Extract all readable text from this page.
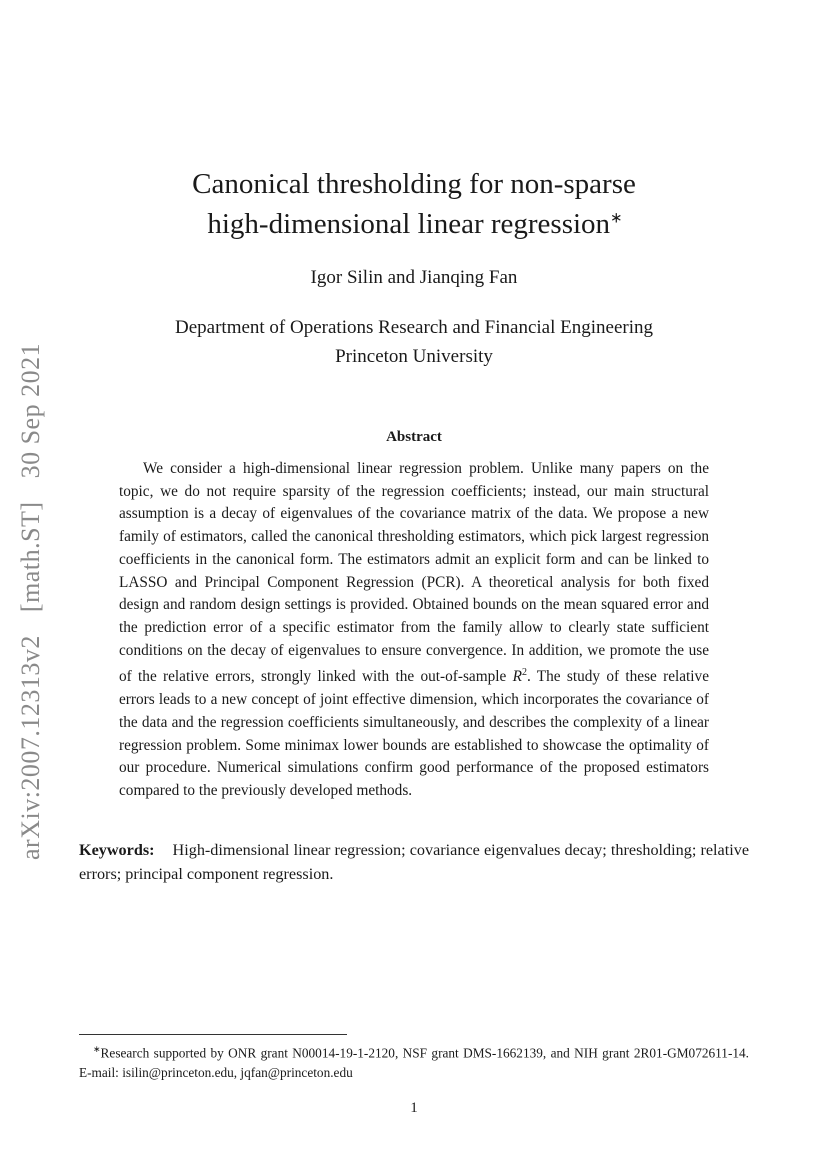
arXiv:2007.12313v2 [math.ST] 30 Sep 2021
Canonical thresholding for non-sparse
high-dimensional linear regression∗
Igor Silin and Jianqing Fan
Department of Operations Research and Financial Engineering
Princeton University
Abstract

We consider a high-dimensional linear regression problem. Unlike many papers on the topic, we do not require sparsity of the regression coefficients; instead, our main structural assumption is a decay of eigenvalues of the covariance matrix of the data. We propose a new family of estimators, called the canonical thresholding estimators, which pick largest regression coefficients in the canonical form. The estimators admit an explicit form and can be linked to LASSO and Principal Component Regression (PCR). A theoretical analysis for both fixed design and random design settings is provided. Obtained bounds on the mean squared error and the prediction error of a specific estimator from the family allow to clearly state sufficient conditions on the decay of eigenvalues to ensure convergence. In addition, we promote the use of the relative errors, strongly linked with the out-of-sample $R^2$. The study of these relative errors leads to a new concept of joint effective dimension, which incorporates the covariance of the data and the regression coefficients simultaneously, and describes the complexity of a linear regression problem. Some minimax lower bounds are established to showcase the optimality of our procedure. Numerical simulations confirm good performance of the proposed estimators compared to the previously developed methods.

Keywords: High-dimensional linear regression; covariance eigenvalues decay; thresholding; relative errors; principal component regression.

∗Research supported by ONR grant N00014-19-1-2120, NSF grant DMS-1662139, and NIH grant 2R01-GM072611-14. E-mail: isilin@princeton.edu, jqfan@princeton.edu

1
